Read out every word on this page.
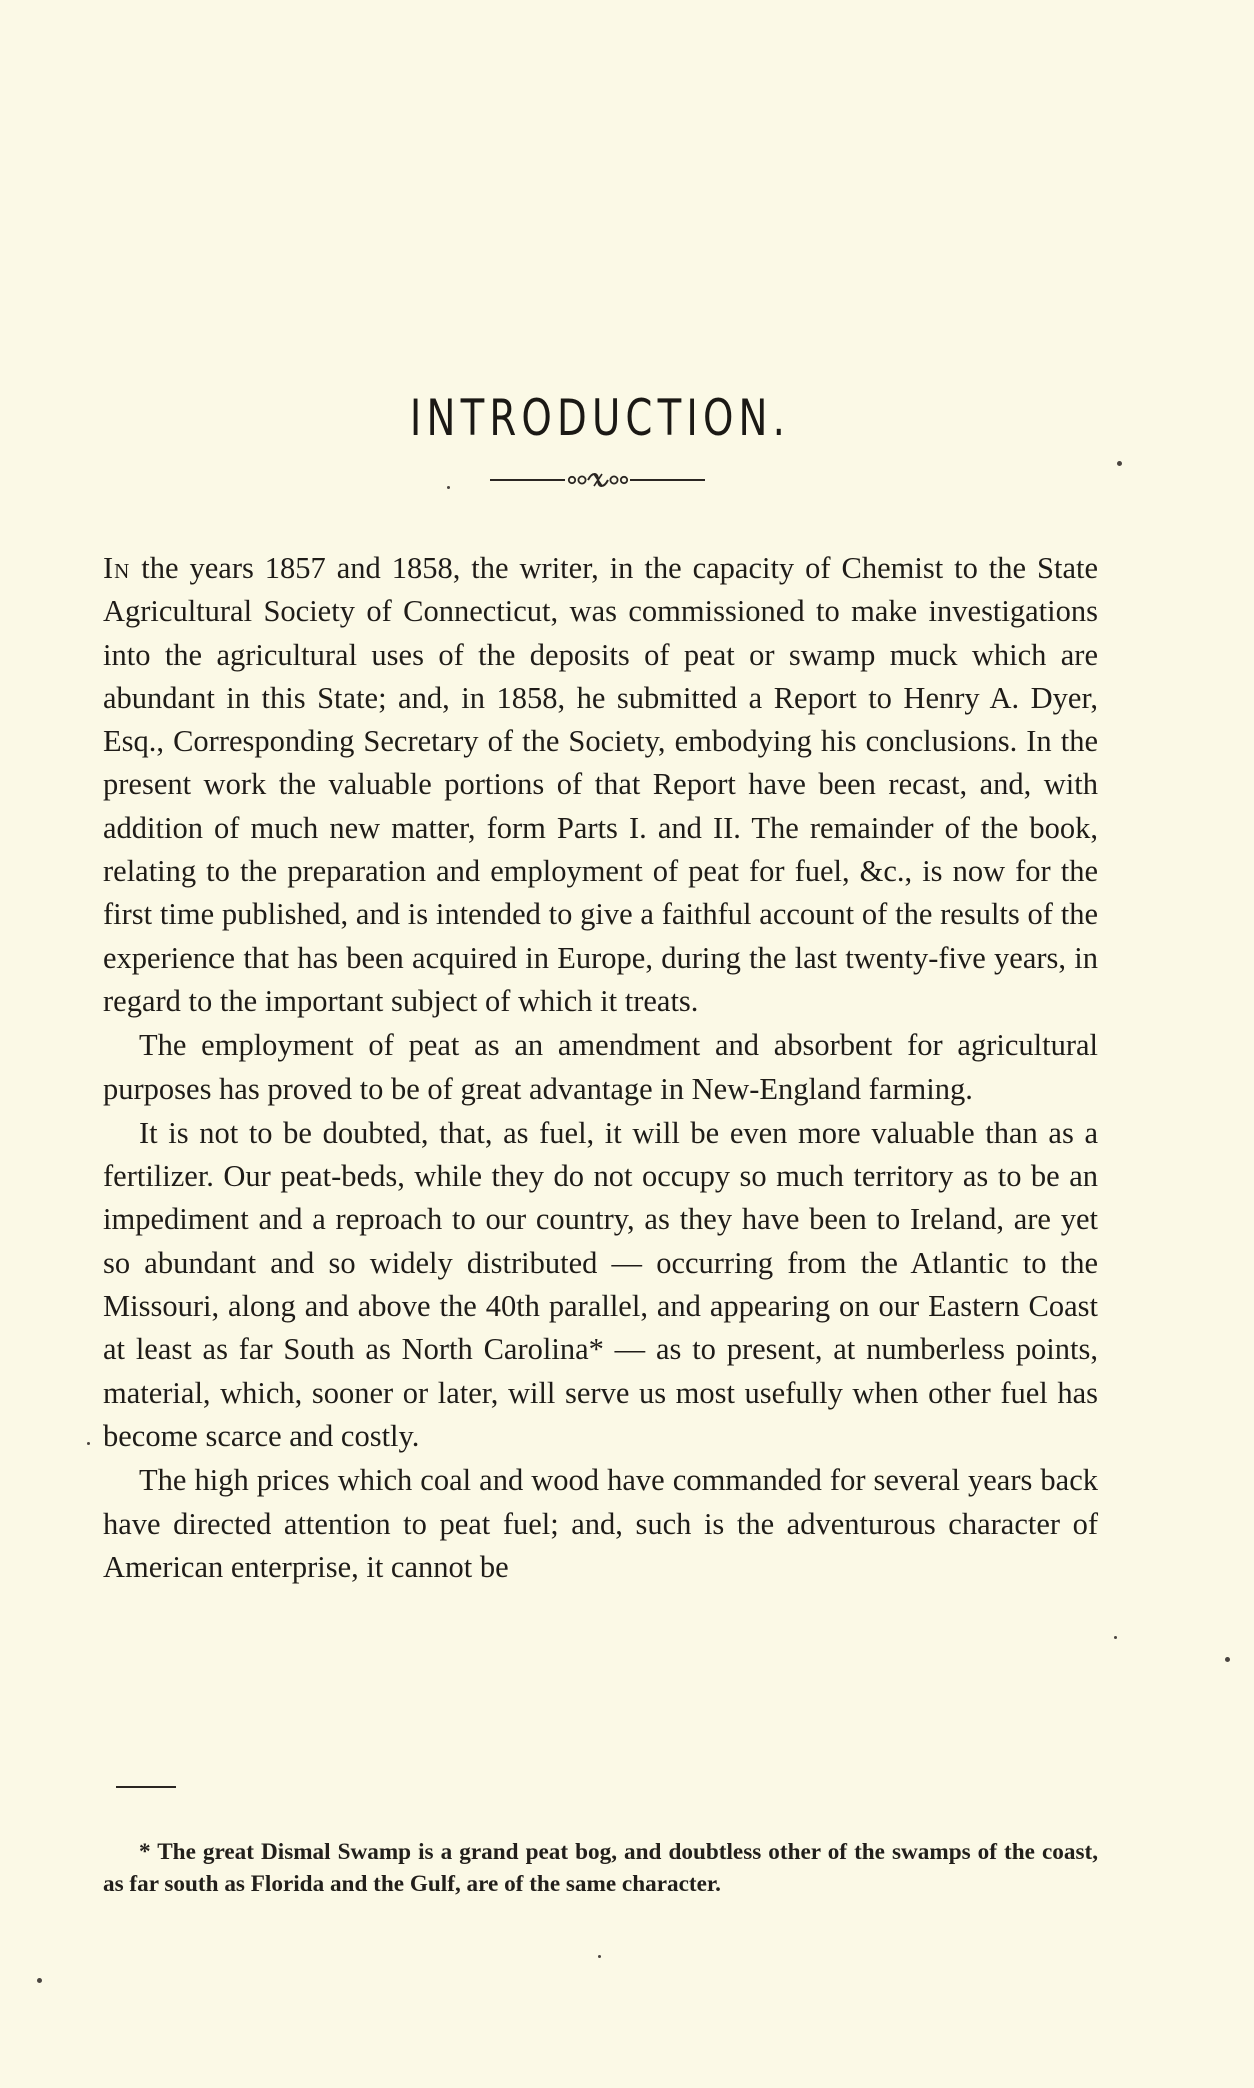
INTRODUCTION.

In the years 1857 and 1858, the writer, in the capacity of Chemist to the State Agricultural Society of Connecticut, was commissioned to make investigations into the agricultural uses of the deposits of peat or swamp muck which are abundant in this State; and, in 1858, he submitted a Report to Henry A. Dyer, Esq., Corresponding Secretary of the Society, embodying his conclusions. In the present work the valuable portions of that Report have been recast, and, with addition of much new matter, form Parts I. and II. The remainder of the book, relating to the preparation and employment of peat for fuel, &c., is now for the first time published, and is intended to give a faithful account of the results of the experience that has been acquired in Europe, during the last twenty-five years, in regard to the important subject of which it treats.

The employment of peat as an amendment and absorbent for agricultural purposes has proved to be of great advantage in New-England farming.

It is not to be doubted, that, as fuel, it will be even more valuable than as a fertilizer. Our peat-beds, while they do not occupy so much territory as to be an impediment and a reproach to our country, as they have been to Ireland, are yet so abundant and so widely distributed — occurring from the Atlantic to the Missouri, along and above the 40th parallel, and appearing on our Eastern Coast at least as far South as North Carolina* — as to present, at numberless points, material, which, sooner or later, will serve us most usefully when other fuel has become scarce and costly.

The high prices which coal and wood have commanded for several years back have directed attention to peat fuel; and, such is the adventurous character of American enterprise, it cannot be

* The great Dismal Swamp is a grand peat bog, and doubtless other of the swamps of the coast, as far south as Florida and the Gulf, are of the same character.
